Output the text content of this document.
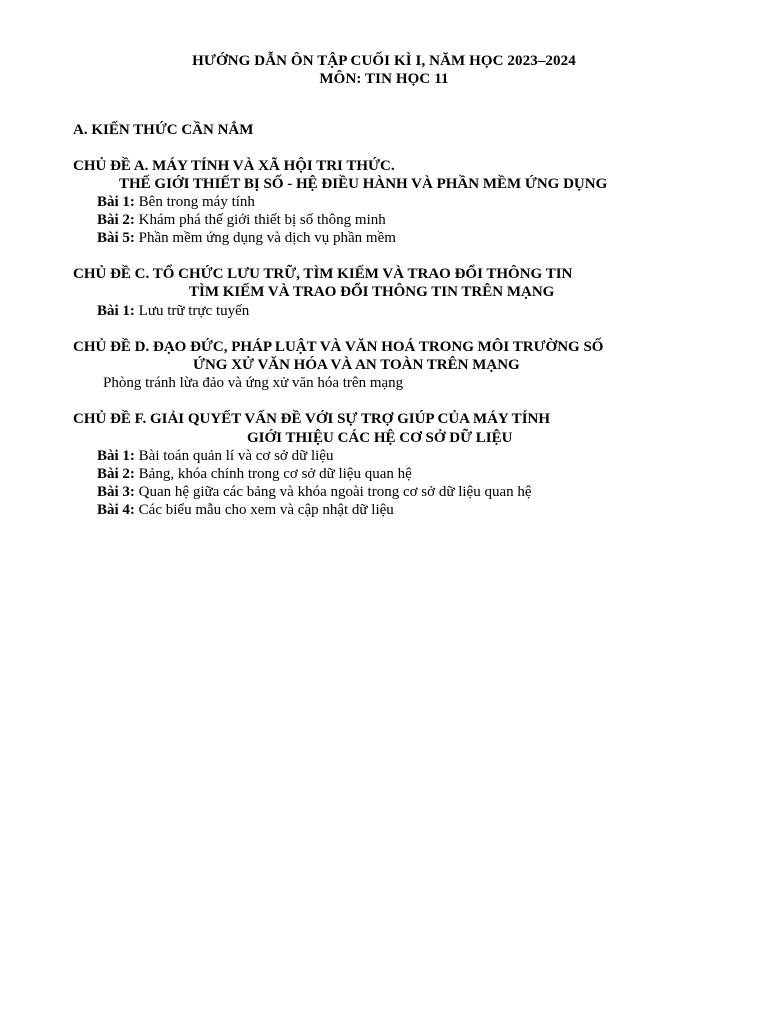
HƯỚNG DẪN ÔN TẬP CUỐI KÌ I, NĂM HỌC 2023–2024
MÔN: TIN HỌC 11
A. KIẾN THỨC CẦN NẮM
CHỦ ĐỀ A. MÁY TÍNH VÀ XÃ HỘI TRI THỨC.
THẾ GIỚI THIẾT BỊ SỐ - HỆ ĐIỀU HÀNH VÀ PHẦN MỀM ỨNG DỤNG
Bài 1: Bên trong máy tính
Bài 2: Khám phá thế giới thiết bị số thông minh
Bài 5: Phần mềm ứng dụng và dịch vụ phần mềm
CHỦ ĐỀ C. TỔ CHỨC LƯU TRỮ, TÌM KIẾM VÀ TRAO ĐỔI THÔNG TIN
TÌM KIẾM VÀ TRAO ĐỔI THÔNG TIN TRÊN MẠNG
Bài 1: Lưu trữ trực tuyến
CHỦ ĐỀ D. ĐẠO ĐỨC, PHÁP LUẬT VÀ VĂN HOÁ TRONG MÔI TRƯỜNG SỐ
ỨNG XỬ VĂN HÓA VÀ AN TOÀN TRÊN MẠNG
Phòng tránh lừa đảo và ứng xử văn hóa trên mạng
CHỦ ĐỀ F. GIẢI QUYẾT VẤN ĐỀ VỚI SỰ TRỢ GIÚP CỦA MÁY TÍNH
GIỚI THIỆU CÁC HỆ CƠ SỞ DỮ LIỆU
Bài 1: Bài toán quản lí và cơ sở dữ liệu
Bài 2: Bảng, khóa chính trong cơ sở dữ liệu quan hệ
Bài 3: Quan hệ giữa các bảng và khóa ngoài trong cơ sở dữ liệu quan hệ
Bài 4: Các biểu mẫu cho xem và cập nhật dữ liệu
